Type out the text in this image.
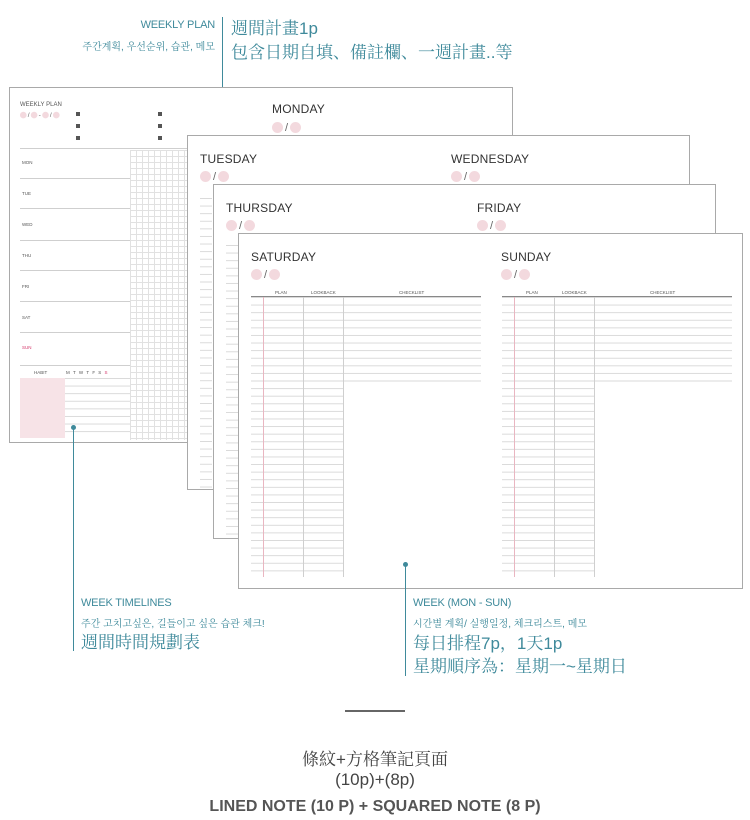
WEEKLY PLAN
주간계획, 우선순위, 습관, 메모
週間計畫1p
包含日期自填、備註欄、一週計畫..等
WEEKLY PLAN
/ - /	MONDAY
/
MON
TUE
WED
THU
FRI
SAT
SUN
HABIT	MTWTFSS
TUESDAY
/
WEDNESDAY
/
THURSDAY
/
FRIDAY
/
SATURDAY
/
SUNDAY
/
PLAN	LOOKBACK	CHECKLIST	PLAN	LOOKBACK	CHECKLIST
WEEK TIMELINES
주간 고치고싶은, 길들이고 싶은 습관 체크!
週間時間規劃表
WEEK (MON - SUN)
시간별 계획/ 실행일정, 체크리스트, 메모
每日排程7p，1天1p
星期順序為：星期一~星期日
條紋+方格筆記頁面
(10p)+(8p)
LINED NOTE (10 P) + SQUARED NOTE (8 P)
